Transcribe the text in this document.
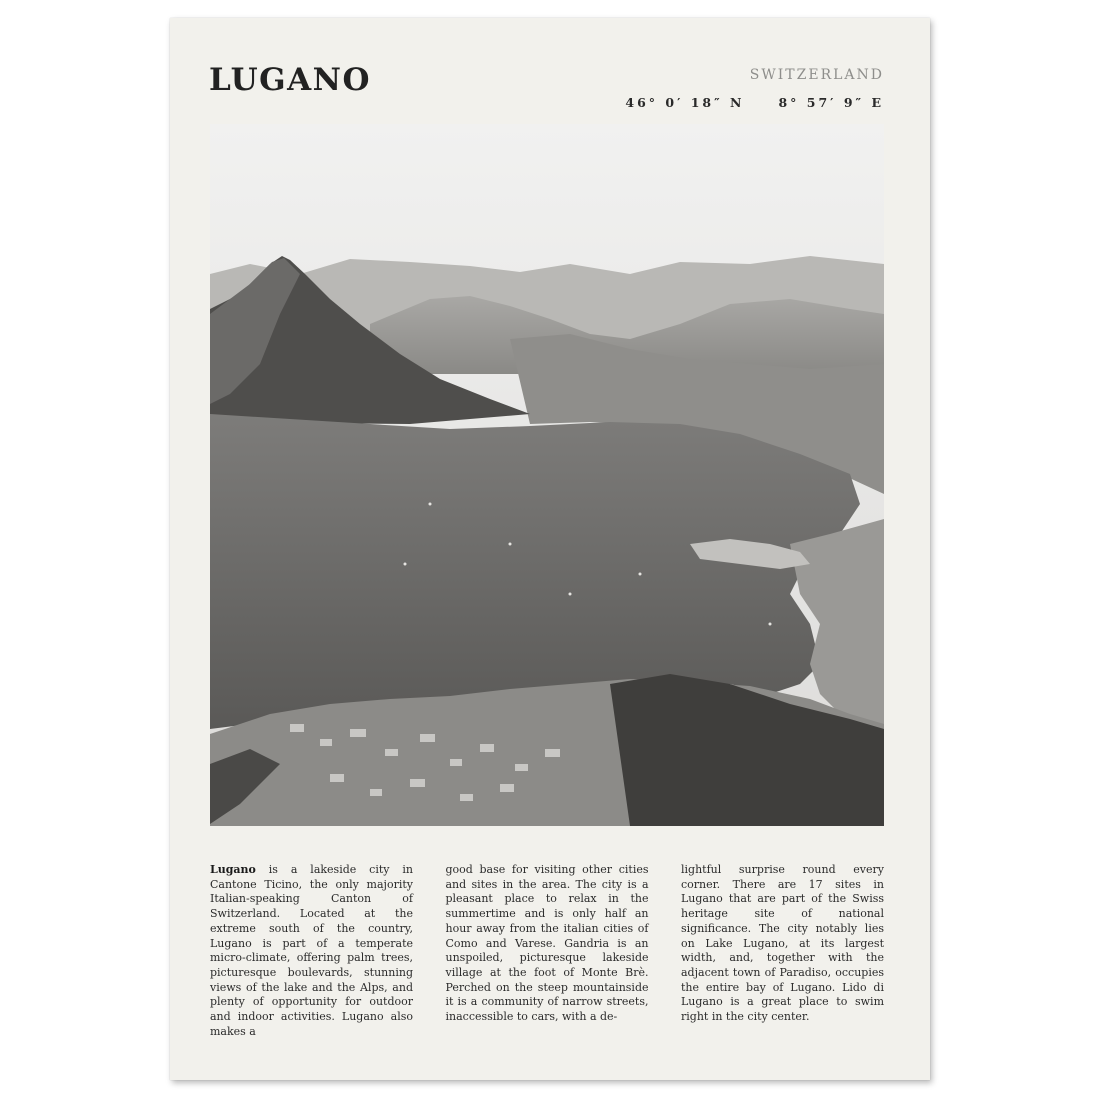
LUGANO	SWITZERLAND
46° 0′ 18″ N	8° 57′ 9″ E

Lugano is a lakeside city in Cantone Ticino, the only majority Italian-speaking Canton of Switzerland. Located at the extreme south of the country, Lugano is part of a temperate micro-climate, offering palm trees, picturesque boulevards, stunning views of the lake and the Alps, and plenty of opportunity for outdoor and indoor activities. Lugano also makes a

good base for visiting other cities and sites in the area. The city is a pleasant place to relax in the summertime and is only half an hour away from the italian cities of Como and Varese. Gandria is an unspoiled, picturesque lakeside village at the foot of Monte Brè. Perched on the steep mountainside it is a community of narrow streets, inaccessible to cars, with a de-

lightful surprise round every corner. There are 17 sites in Lugano that are part of the Swiss heritage site of national significance. The city notably lies on Lake Lugano, at its largest width, and, together with the adjacent town of Paradiso, occupies the entire bay of Lugano. Lido di Lugano is a great place to swim right in the city center.
